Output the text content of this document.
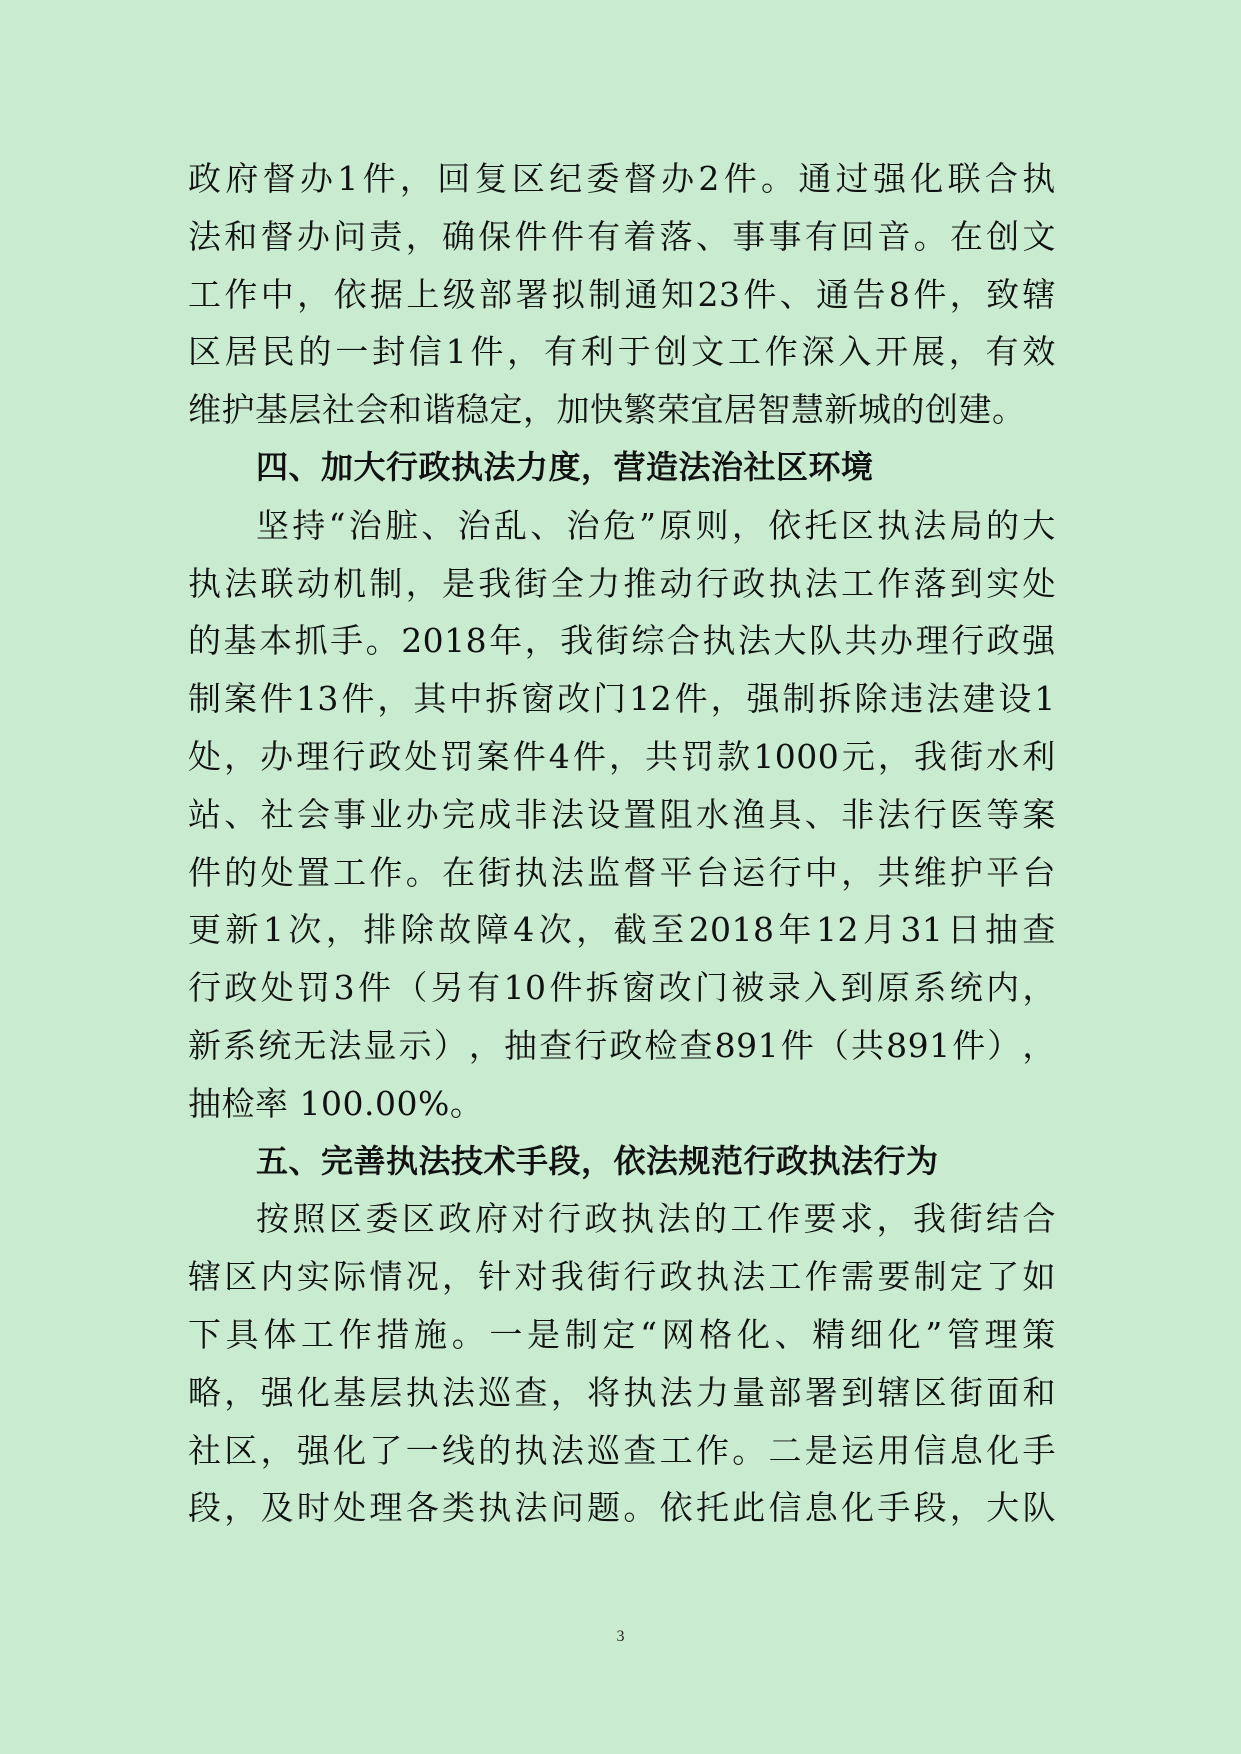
政 府 督 办 1 件 ， 回 复 区 纪 委 督 办 2 件 。 通 过 强 化 联 合 执
法 和 督 办 问 责 ， 确 保 件 件 有 着 落 、 事 事 有 回 音 。 在 创 文
工 作 中 ， 依 据 上 级 部 署 拟 制 通 知 23 件 、 通 告 8 件 ， 致 辖
区 居 民 的 一 封 信 1 件 ， 有 利 于 创 文 工 作 深 入 开 展 ， 有 效
维护基层社会和谐稳定，加快繁荣宜居智慧新城的创建。
四、加大行政执法力度，营造法治社区环境
坚 持 “ 治 脏 、 治 乱 、 治 危 ” 原 则 ， 依 托 区 执 法 局 的 大
执 法 联 动 机 制 ， 是 我 街 全 力 推 动 行 政 执 法 工 作 落 到 实 处
的 基 本 抓 手 。 2018 年 ， 我 街 综 合 执 法 大 队 共 办 理 行 政 强
制 案 件 13 件 ， 其 中 拆 窗 改 门 12 件 ， 强 制 拆 除 违 法 建 设 1
处 ， 办 理 行 政 处 罚 案 件 4 件 ， 共 罚 款 1000 元 ， 我 街 水 利
站 、 社 会 事 业 办 完 成 非 法 设 置 阻 水 渔 具 、 非 法 行 医 等 案
件 的 处 置 工 作 。 在 街 执 法 监 督 平 台 运 行 中 ， 共 维 护 平 台
更 新 1 次 ， 排 除 故 障 4 次 ， 截 至 2018 年 12 月 31 日 抽 查
行 政 处 罚 3 件 （ 另 有 10 件 拆 窗 改 门 被 录 入 到 原 系 统 内 ，
新 系 统 无 法 显 示 ） ， 抽 查 行 政 检 查 891 件 （ 共 891 件 ） ，
抽检率 100.00%。
五、完善执法技术手段，依法规范行政执法行为
按 照 区 委 区 政 府 对 行 政 执 法 的 工 作 要 求 ， 我 街 结 合
辖 区 内 实 际 情 况 ， 针 对 我 街 行 政 执 法 工 作 需 要 制 定 了 如
下 具 体 工 作 措 施 。 一 是 制 定 “ 网 格 化 、 精 细 化 ” 管 理 策
略 ， 强 化 基 层 执 法 巡 查 ， 将 执 法 力 量 部 署 到 辖 区 街 面 和
社 区 ， 强 化 了 一 线 的 执 法 巡 查 工 作 。 二 是 运 用 信 息 化 手
段 ， 及 时 处 理 各 类 执 法 问 题 。 依 托 此 信 息 化 手 段 ， 大 队
3
